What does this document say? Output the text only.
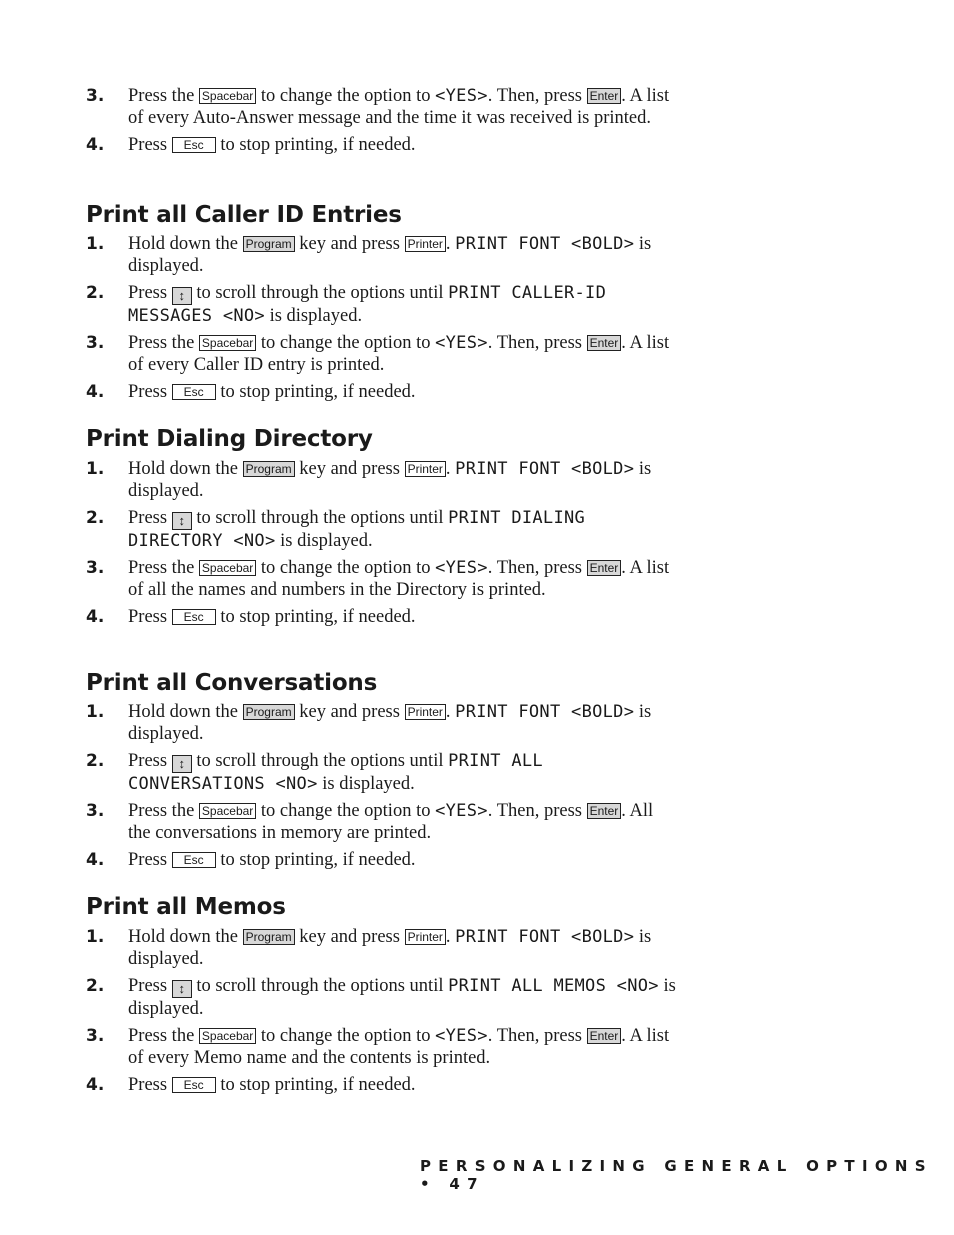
3. Press the Spacebar to change the option to <YES>. Then, press Enter . A list of every Auto-Answer message and the time it was received is printed.
4. Press Esc to stop printing, if needed.
Print all Caller ID Entries
1. Hold down the Program key and press Printer . PRINT FONT <BOLD> is displayed.
2. Press ↕ to scroll through the options until PRINT CALLER-ID MESSAGES <NO> is displayed.
3. Press the Spacebar to change the option to <YES>. Then, press Enter . A list of every Caller ID entry is printed.
4. Press Esc to stop printing, if needed.
Print Dialing Directory
1. Hold down the Program key and press Printer . PRINT FONT <BOLD> is displayed.
2. Press ↕ to scroll through the options until PRINT DIALING DIRECTORY <NO> is displayed.
3. Press the Spacebar to change the option to <YES>. Then, press Enter . A list of all the names and numbers in the Directory is printed.
4. Press Esc to stop printing, if needed.
Print all Conversations
1. Hold down the Program key and press Printer . PRINT FONT <BOLD> is displayed.
2. Press ↕ to scroll through the options until PRINT ALL CONVERSATIONS <NO> is displayed.
3. Press the Spacebar to change the option to <YES>. Then, press Enter . All the conversations in memory are printed.
4. Press Esc to stop printing, if needed.
Print all Memos
1. Hold down the Program key and press Printer . PRINT FONT <BOLD> is displayed.
2. Press ↕ to scroll through the options until PRINT ALL MEMOS <NO> is displayed.
3. Press the Spacebar to change the option to <YES>. Then, press Enter . A list of every Memo name and the contents is printed.
4. Press Esc to stop printing, if needed.
PERSONALIZING GENERAL OPTIONS • 47
